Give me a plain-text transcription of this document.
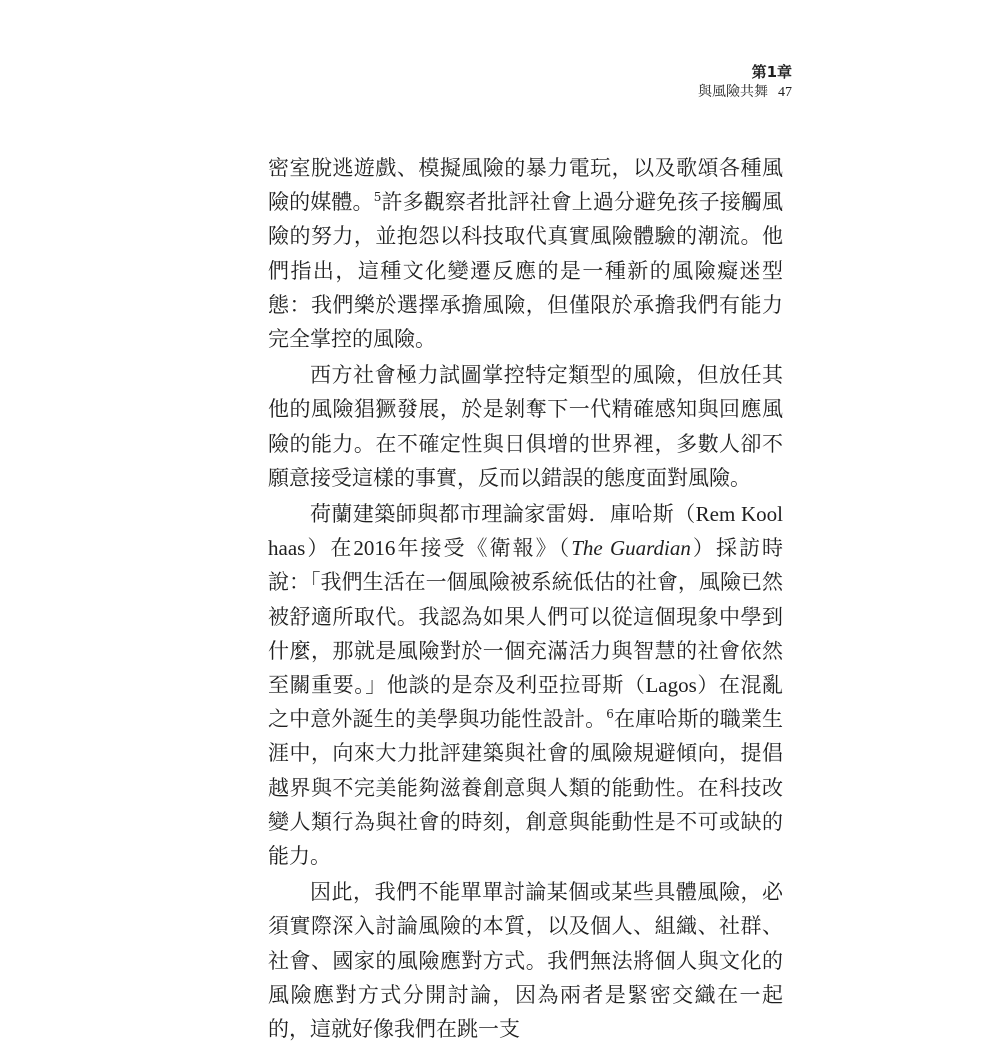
第1章
與風險共舞 47

密室脫逃遊戲、模擬風險的暴力電玩，以及歌頌各種風險的媒體。$^5$許多觀察者批評社會上過分避免孩子接觸風險的努力，並抱怨以科技取代真實風險體驗的潮流。他們指出，這種文化變遷反應的是一種新的風險癡迷型態：我們樂於選擇承擔風險，但僅限於承擔我們有能力完全掌控的風險。

西方社會極力試圖掌控特定類型的風險，但放任其他的風險猖獗發展，於是剝奪下一代精確感知與回應風險的能力。在不確定性與日俱增的世界裡，多數人卻不願意接受這樣的事實，反而以錯誤的態度面對風險。

荷蘭建築師與都市理論家雷姆．庫哈斯（Rem Koolhaas）在2016年接受《衛報》（The Guardian）採訪時說：「我們生活在一個風險被系統低估的社會，風險已然被舒適所取代。我認為如果人們可以從這個現象中學到什麼，那就是風險對於一個充滿活力與智慧的社會依然至關重要。」他談的是奈及利亞拉哥斯（Lagos）在混亂之中意外誕生的美學與功能性設計。$^6$在庫哈斯的職業生涯中，向來大力批評建築與社會的風險規避傾向，提倡越界與不完美能夠滋養創意與人類的能動性。在科技改變人類行為與社會的時刻，創意與能動性是不可或缺的能力。

因此，我們不能單單討論某個或某些具體風險，必須實際深入討論風險的本質，以及個人、組織、社群、社會、國家的風險應對方式。我們無法將個人與文化的風險應對方式分開討論，因為兩者是緊密交織在一起的，這就好像我們在跳一支
